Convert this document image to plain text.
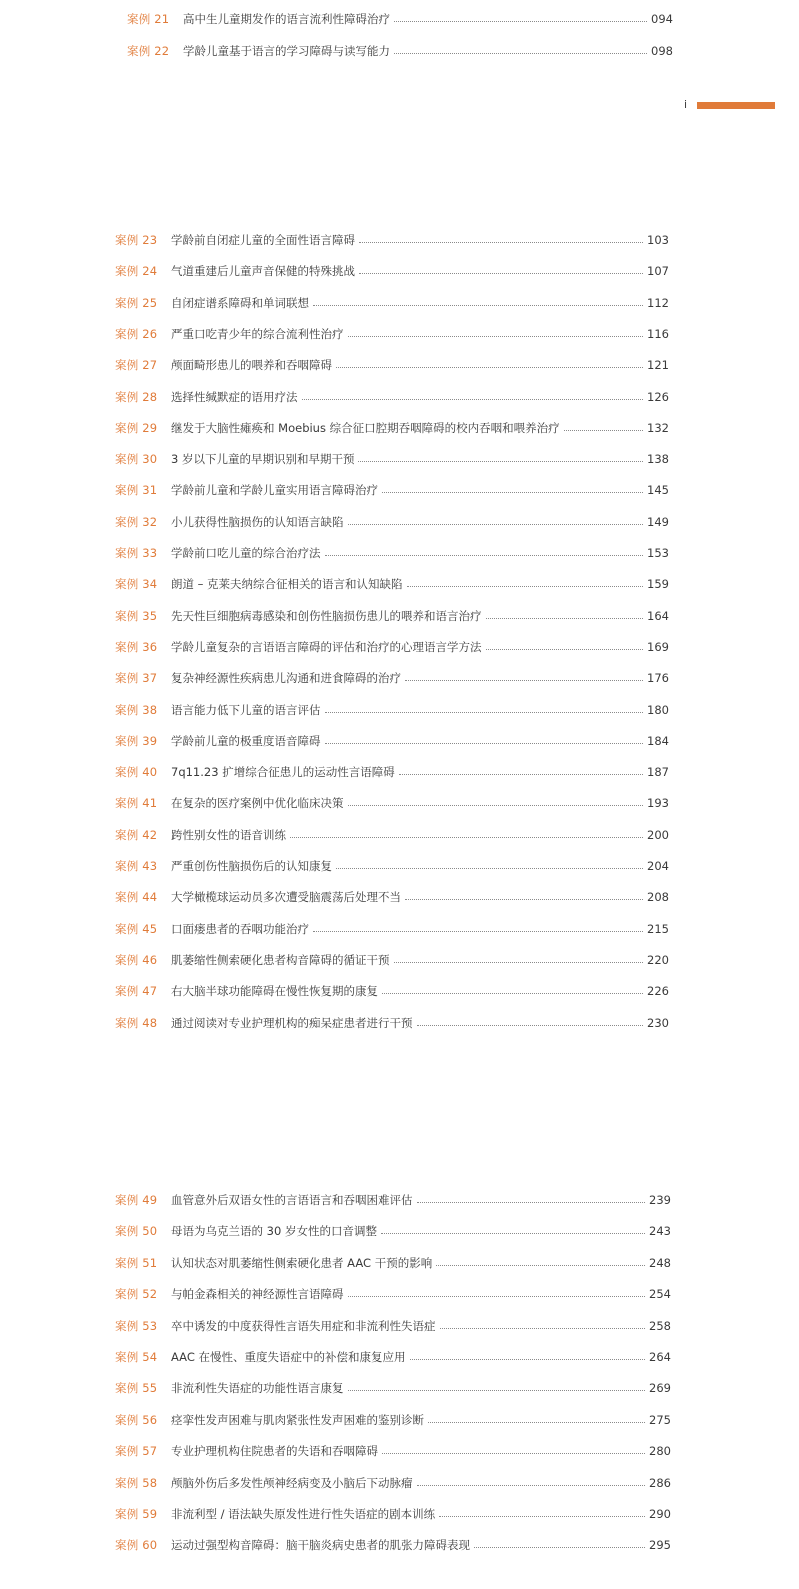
i
案例 21	高中生儿童期发作的语言流利性障碍治疗	094
案例 22	学龄儿童基于语言的学习障碍与读写能力	098
案例 23	学龄前自闭症儿童的全面性语言障碍	103
案例 24	气道重建后儿童声音保健的特殊挑战	107
案例 25	自闭症谱系障碍和单词联想	112
案例 26	严重口吃青少年的综合流利性治疗	116
案例 27	颅面畸形患儿的喂养和吞咽障碍	121
案例 28	选择性缄默症的语用疗法	126
案例 29	继发于大脑性瘫痪和 Moebius 综合征口腔期吞咽障碍的校内吞咽和喂养治疗	132
案例 30	3 岁以下儿童的早期识别和早期干预	138
案例 31	学龄前儿童和学龄儿童实用语言障碍治疗	145
案例 32	小儿获得性脑损伤的认知语言缺陷	149
案例 33	学龄前口吃儿童的综合治疗法	153
案例 34	朗道 – 克莱夫纳综合征相关的语言和认知缺陷	159
案例 35	先天性巨细胞病毒感染和创伤性脑损伤患儿的喂养和语言治疗	164
案例 36	学龄儿童复杂的言语语言障碍的评估和治疗的心理语言学方法	169
案例 37	复杂神经源性疾病患儿沟通和进食障碍的治疗	176
案例 38	语言能力低下儿童的语言评估	180
案例 39	学龄前儿童的极重度语音障碍	184
案例 40	7q11.23 扩增综合征患儿的运动性言语障碍	187
案例 41	在复杂的医疗案例中优化临床决策	193
案例 42	跨性别女性的语音训练	200
案例 43	严重创伤性脑损伤后的认知康复	204
案例 44	大学橄榄球运动员多次遭受脑震荡后处理不当	208
案例 45	口面瘘患者的吞咽功能治疗	215
案例 46	肌萎缩性侧索硬化患者构音障碍的循证干预	220
案例 47	右大脑半球功能障碍在慢性恢复期的康复	226
案例 48	通过阅读对专业护理机构的痴呆症患者进行干预	230
案例 49	血管意外后双语女性的言语语言和吞咽困难评估	239
案例 50	母语为乌克兰语的 30 岁女性的口音调整	243
案例 51	认知状态对肌萎缩性侧索硬化患者 AAC 干预的影响	248
案例 52	与帕金森相关的神经源性言语障碍	254
案例 53	卒中诱发的中度获得性言语失用症和非流利性失语症	258
案例 54	AAC 在慢性、重度失语症中的补偿和康复应用	264
案例 55	非流利性失语症的功能性语言康复	269
案例 56	痉挛性发声困难与肌肉紧张性发声困难的鉴别诊断	275
案例 57	专业护理机构住院患者的失语和吞咽障碍	280
案例 58	颅脑外伤后多发性颅神经病变及小脑后下动脉瘤	286
案例 59	非流利型 / 语法缺失原发性进行性失语症的剧本训练	290
案例 60	运动过强型构音障碍：脑干脑炎病史患者的肌张力障碍表现	295
